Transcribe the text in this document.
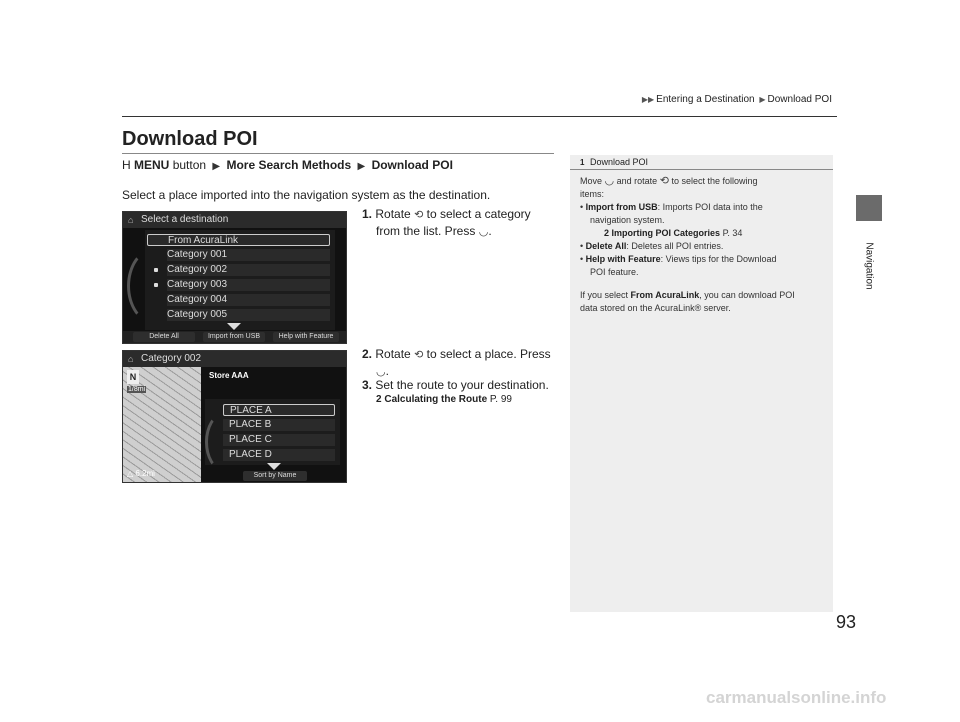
▶▶ Entering a Destination ▶ Download POI
Navigation
93
Download POI
H MENU button ▶ More Search Methods ▶ Download POI
Select a place imported into the navigation system as the destination.
⌂ Select a destination
From AcuraLink
Category 001
Category 002
Category 003
Category 004
Category 005
Delete All	Import from USB	Help with Feature
⌂ Category 002
N
1/8mi
△ 6.2mi
Store AAA
PLACE A
PLACE B
PLACE C
PLACE D
Sort by Name
1. Rotate ⟲ to select a category
from the list. Press ◡.
2. Rotate ⟲ to select a place. Press
◡.
3. Set the route to your destination.
2 Calculating the Route P. 99
1 Download POI
Move ◡ and rotate ⟲ to select the following
items:
• Import from USB: Imports POI data into the
navigation system.
2 Importing POI Categories P. 34
• Delete All: Deletes all POI entries.
• Help with Feature: Views tips for the Download
POI feature.
If you select From AcuraLink, you can download POI
data stored on the AcuraLink® server.
carmanualsonline.info
